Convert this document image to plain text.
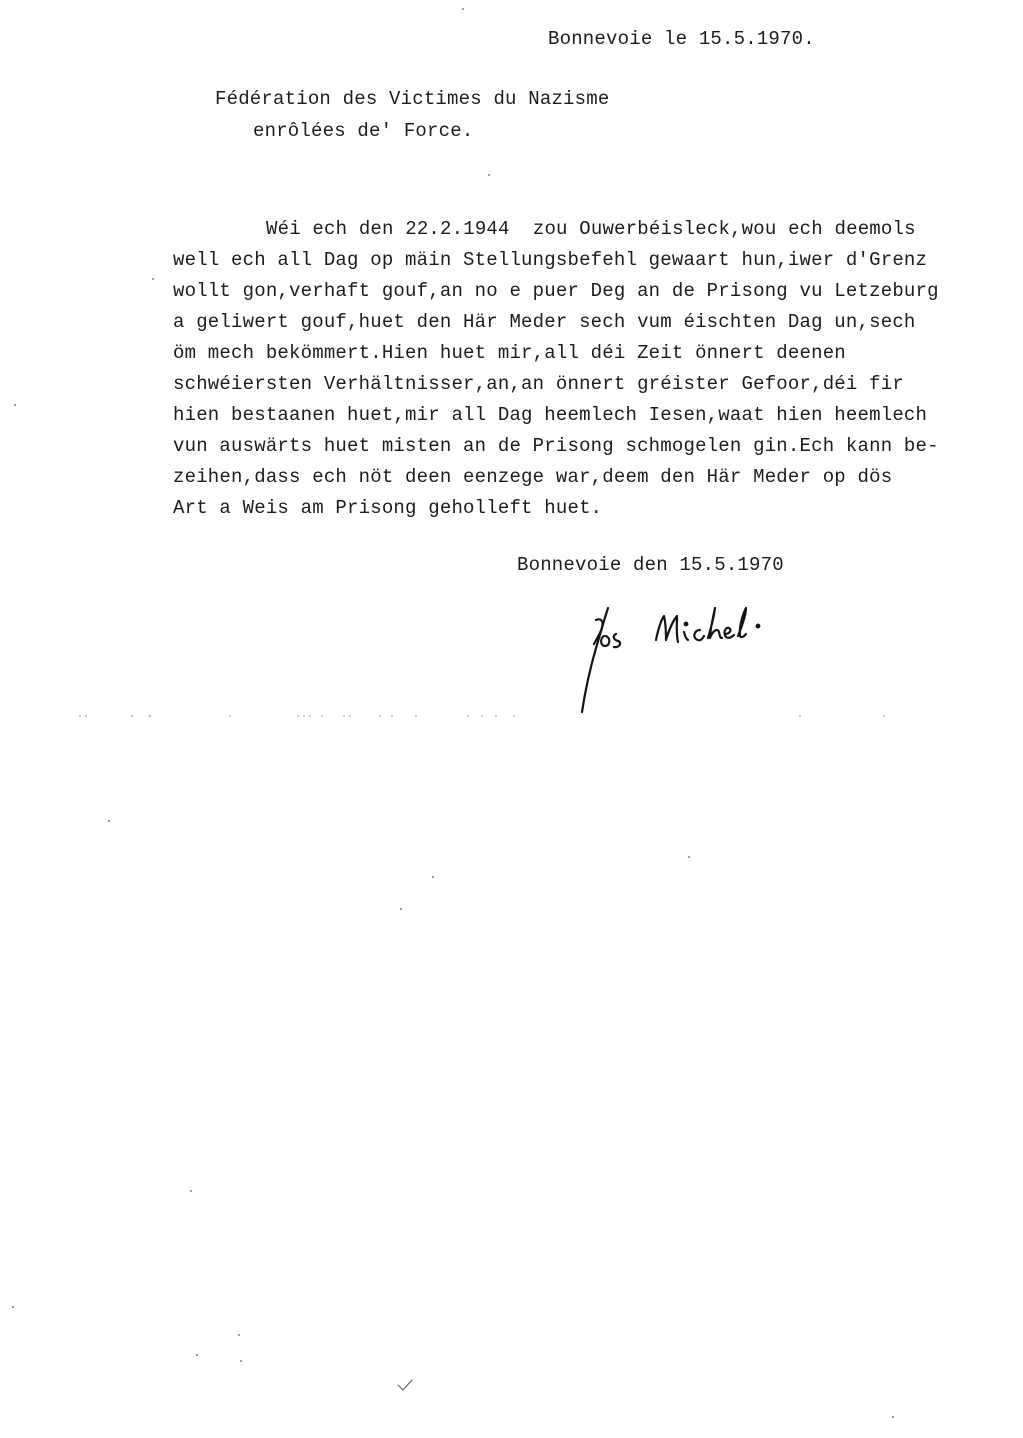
Bonnevoie le 15.5.1970.
Fédération des Victimes du Nazisme
enrôlées de' Force.
Wéi ech den 22.2.1944  zou Ouwerbéisleck,wou ech deemols
well ech all Dag op mäin Stellungsbefehl gewaart hun,iwer d'Grenz
wollt gon,verhaft gouf,an no e puer Deg an de Prisong vu Letzeburg
a geliwert gouf,huet den Här Meder sech vum éischten Dag un,sech
öm mech bekömmert.Hien huet mir,all déi Zeit önnert deenen
schwéiersten Verhältnisser,an,an önnert gréister Gefoor,déi fir
hien bestaanen huet,mir all Dag heemlech Iesen,waat hien heemlech
vun auswärts huet misten an de Prisong schmogelen gin.Ech kann be-
zeihen,dass ech nöt deen eenzege war,deem den Här Meder op dös
Art a Weis am Prisong geholleft huet.
Bonnevoie den 15.5.1970
